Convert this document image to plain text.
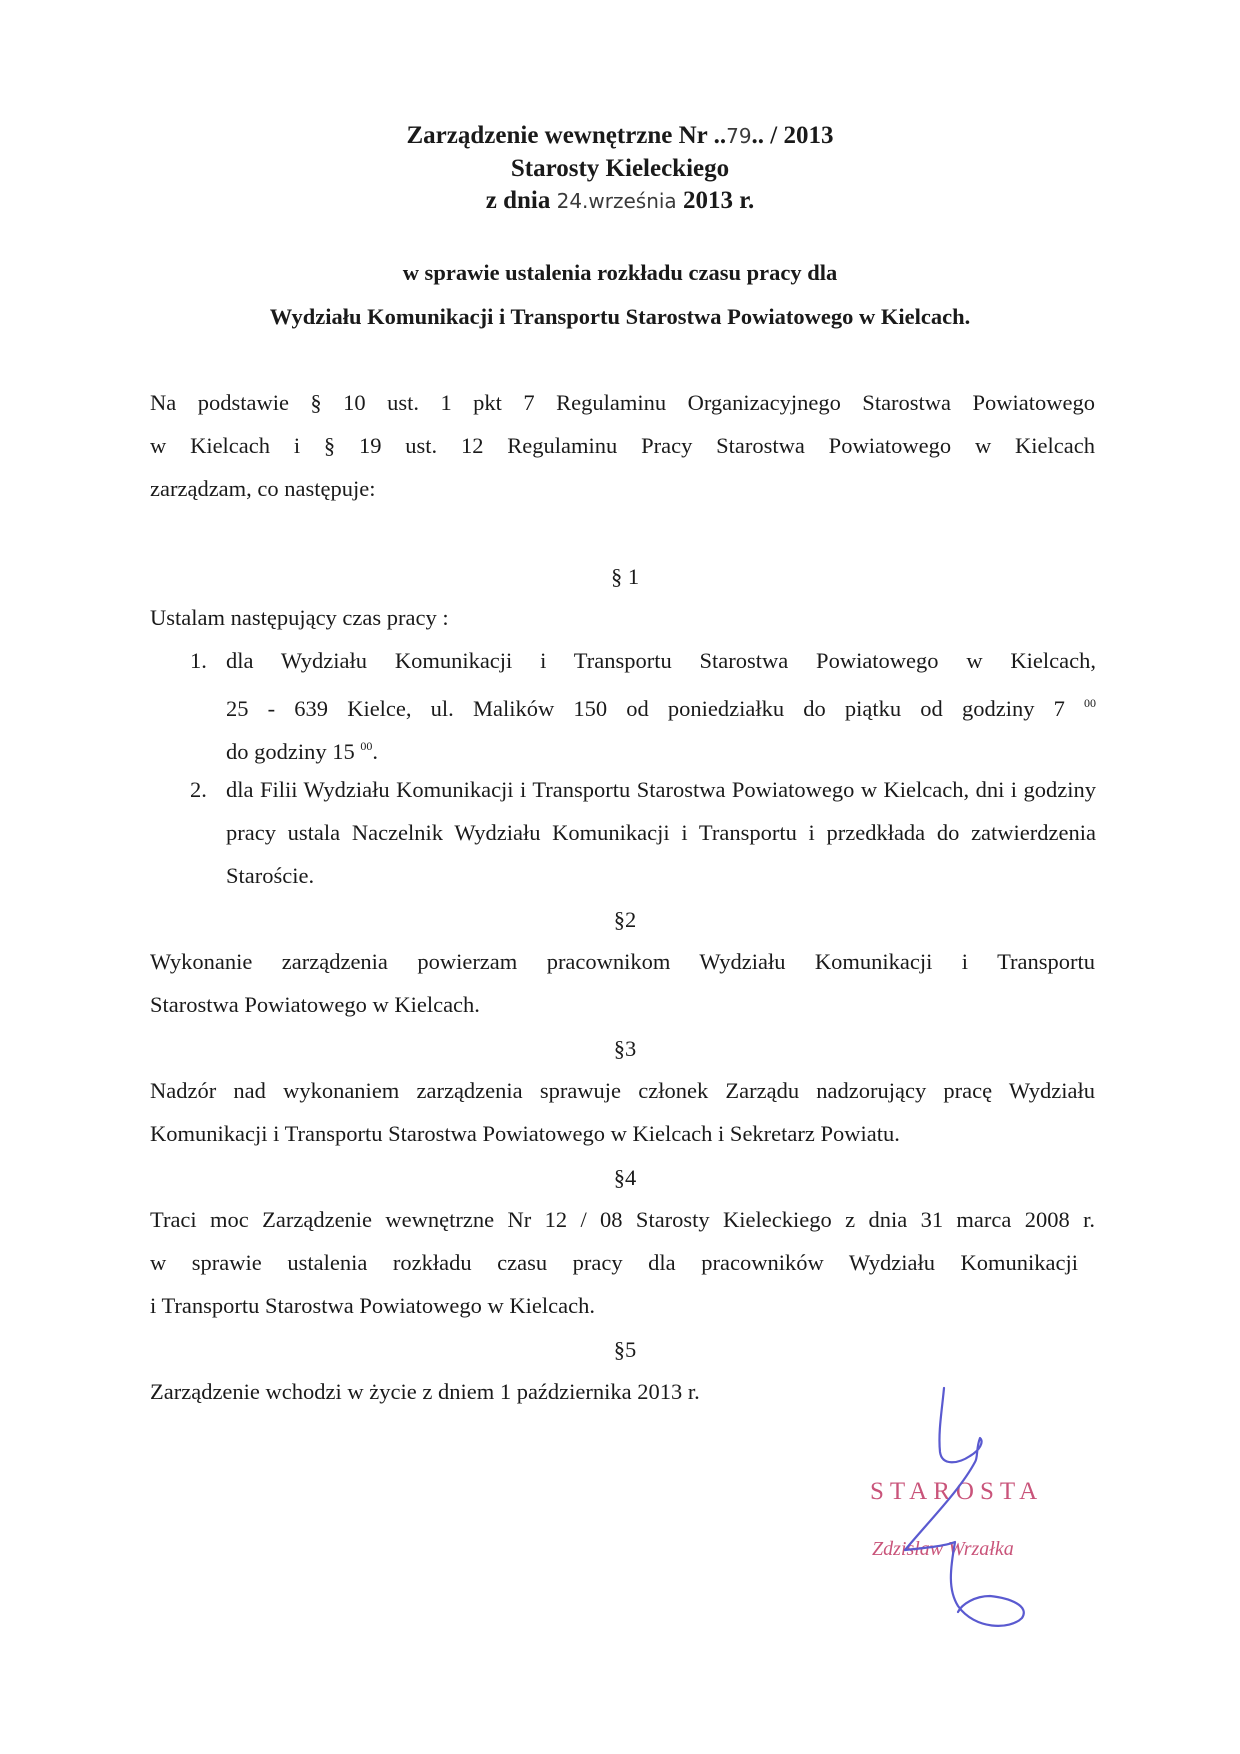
Zarządzenie wewnętrzne Nr ..79.. / 2013
Starosty Kieleckiego
z dnia 24.września 2013 r.
w sprawie ustalenia rozkładu czasu pracy dla
Wydziału Komunikacji i Transportu Starostwa Powiatowego w Kielcach.
Na podstawie § 10 ust. 1 pkt 7 Regulaminu Organizacyjnego Starostwa Powiatowego
w Kielcach i § 19 ust. 12 Regulaminu Pracy Starostwa Powiatowego w Kielcach
zarządzam, co następuje:
§ 1
Ustalam następujący czas pracy :
1. dla Wydziału Komunikacji i Transportu Starostwa Powiatowego w Kielcach,
25 - 639 Kielce, ul. Malików 150 od poniedziałku do piątku od godziny 7 $^{00}$
do godziny 15 $^{00}$.
2. dla Filii Wydziału Komunikacji i Transportu Starostwa Powiatowego w Kielcach, dni i godziny pracy ustala Naczelnik Wydziału Komunikacji i Transportu i przedkłada do zatwierdzenia Staroście.
§2
Wykonanie zarządzenia powierzam pracownikom Wydziału Komunikacji i Transportu
Starostwa Powiatowego w Kielcach.
§3
Nadzór nad wykonaniem zarządzenia sprawuje członek Zarządu nadzorujący pracę Wydziału
Komunikacji i Transportu Starostwa Powiatowego w Kielcach i Sekretarz Powiatu.
§4
Traci moc Zarządzenie wewnętrzne Nr 12 / 08 Starosty Kieleckiego z dnia 31 marca 2008 r.
w sprawie ustalenia rozkładu czasu pracy dla pracowników Wydziału Komunikacji
i Transportu Starostwa Powiatowego w Kielcach.
§5
Zarządzenie wchodzi w życie z dniem 1 października 2013 r.
STAROSTA
Zdzisław Wrzałka
